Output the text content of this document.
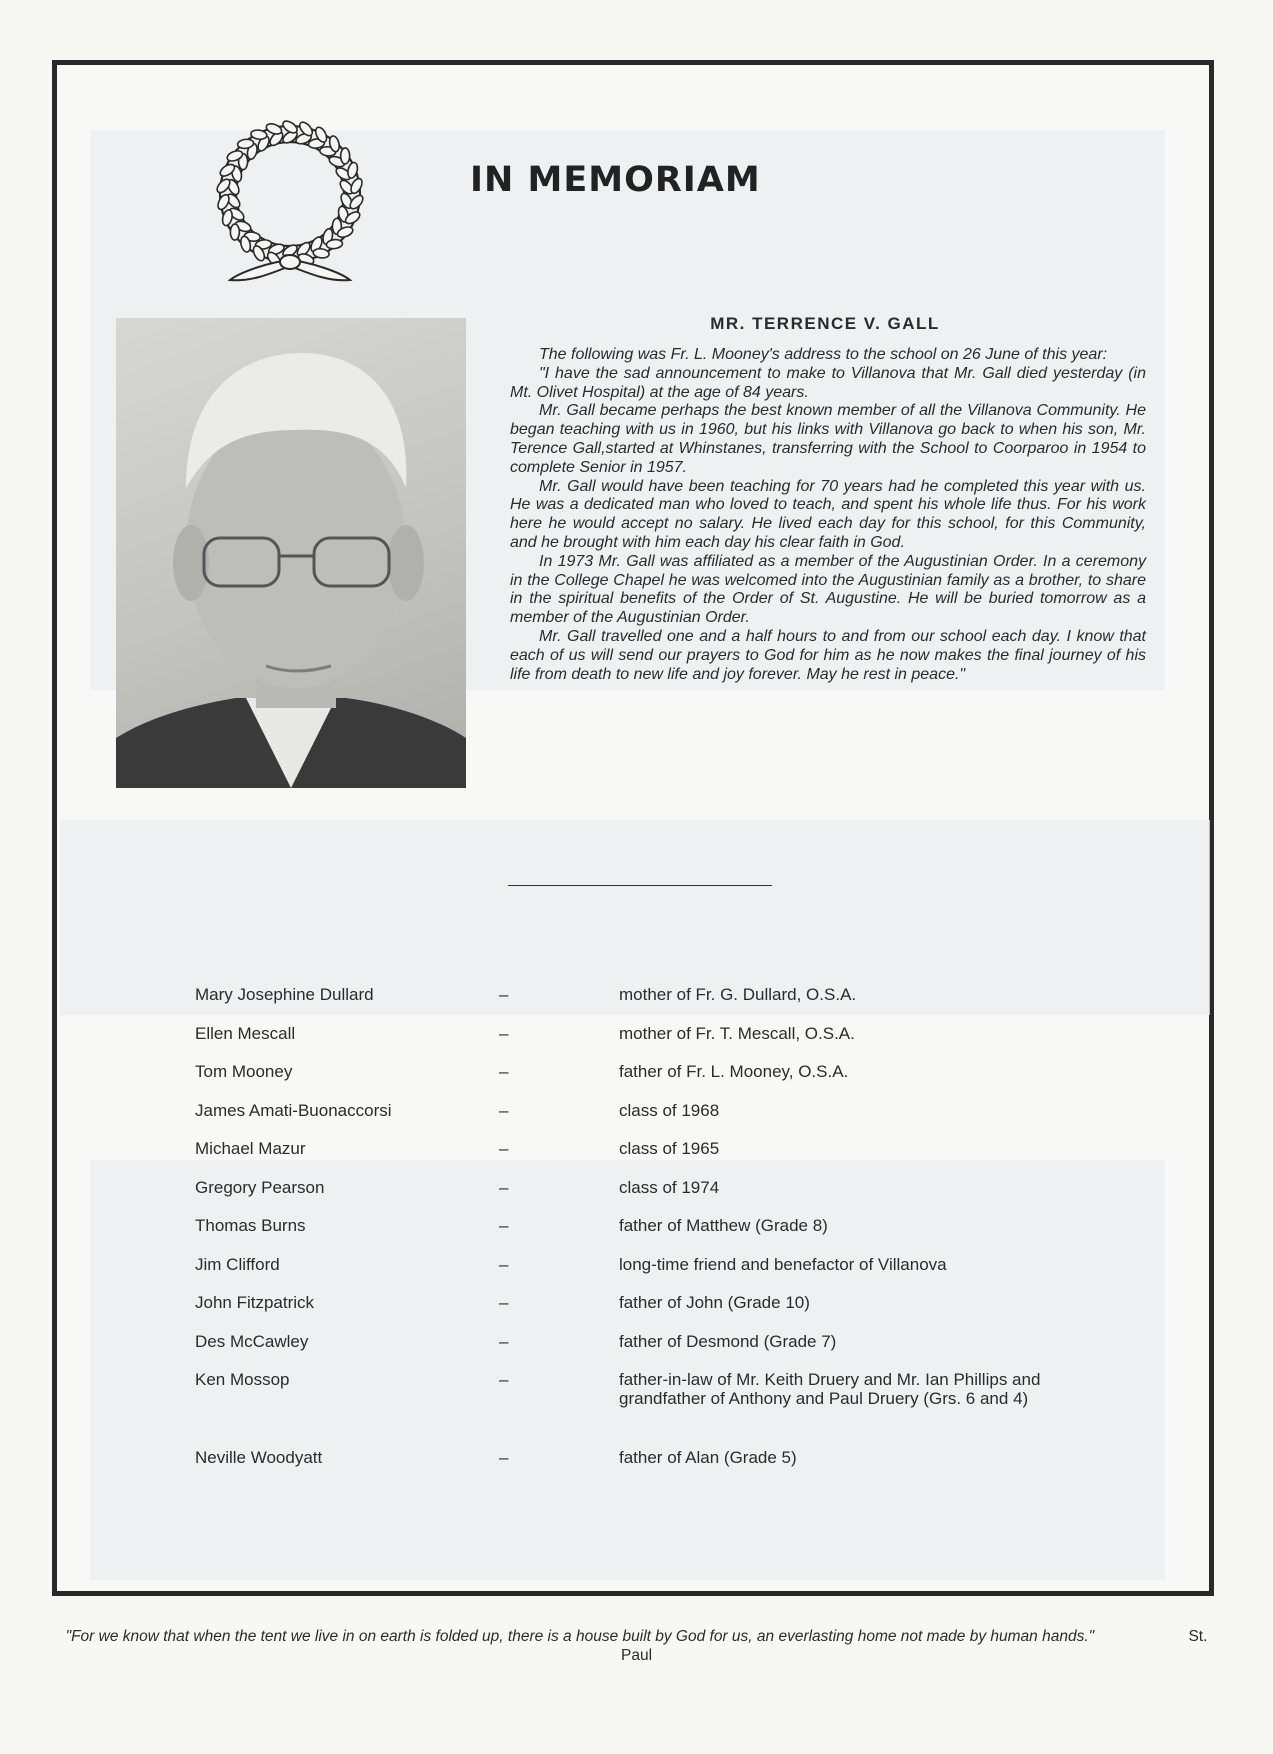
IN MEMORIAM
MR. TERRENCE V. GALL

The following was Fr. L. Mooney's address to the school on 26 June of this year:

"I have the sad announcement to make to Villanova that Mr. Gall died yesterday (in Mt. Olivet Hospital) at the age of 84 years.

Mr. Gall became perhaps the best known member of all the Villanova Community. He began teaching with us in 1960, but his links with Villanova go back to when his son, Mr. Terence Gall,started at Whinstanes, transferring with the School to Coorparoo in 1954 to complete Senior in 1957.

Mr. Gall would have been teaching for 70 years had he completed this year with us. He was a dedicated man who loved to teach, and spent his whole life thus. For his work here he would accept no salary. He lived each day for this school, for this Community, and he brought with him each day his clear faith in God.

In 1973 Mr. Gall was affiliated as a member of the Augustinian Order. In a ceremony in the College Chapel he was welcomed into the Augustinian family as a brother, to share in the spiritual benefits of the Order of St. Augustine. He will be buried tomorrow as a member of the Augustinian Order.

Mr. Gall travelled one and a half hours to and from our school each day. I know that each of us will send our prayers to God for him as he now makes the final journey of his life from death to new life and joy forever. May he rest in peace."

Mary Josephine Dullard	–	mother of Fr. G. Dullard, O.S.A.
Ellen Mescall	–	mother of Fr. T. Mescall, O.S.A.
Tom Mooney	–	father of Fr. L. Mooney, O.S.A.
James Amati-Buonaccorsi	–	class of 1968
Michael Mazur	–	class of 1965
Gregory Pearson	–	class of 1974
Thomas Burns	–	father of Matthew (Grade 8)
Jim Clifford	–	long-time friend and benefactor of Villanova
John Fitzpatrick	–	father of John (Grade 10)
Des McCawley	–	father of Desmond (Grade 7)
Ken Mossop	–	father-in-law of Mr. Keith Druery and Mr. Ian Phillips and grandfather of Anthony and Paul Druery (Grs. 6 and 4)
Neville Woodyatt	–	father of Alan (Grade 5)
"For we know that when the tent we live in on earth is folded up, there is a house built by God for us, an everlasting home not made by human hands."	St. Paul
